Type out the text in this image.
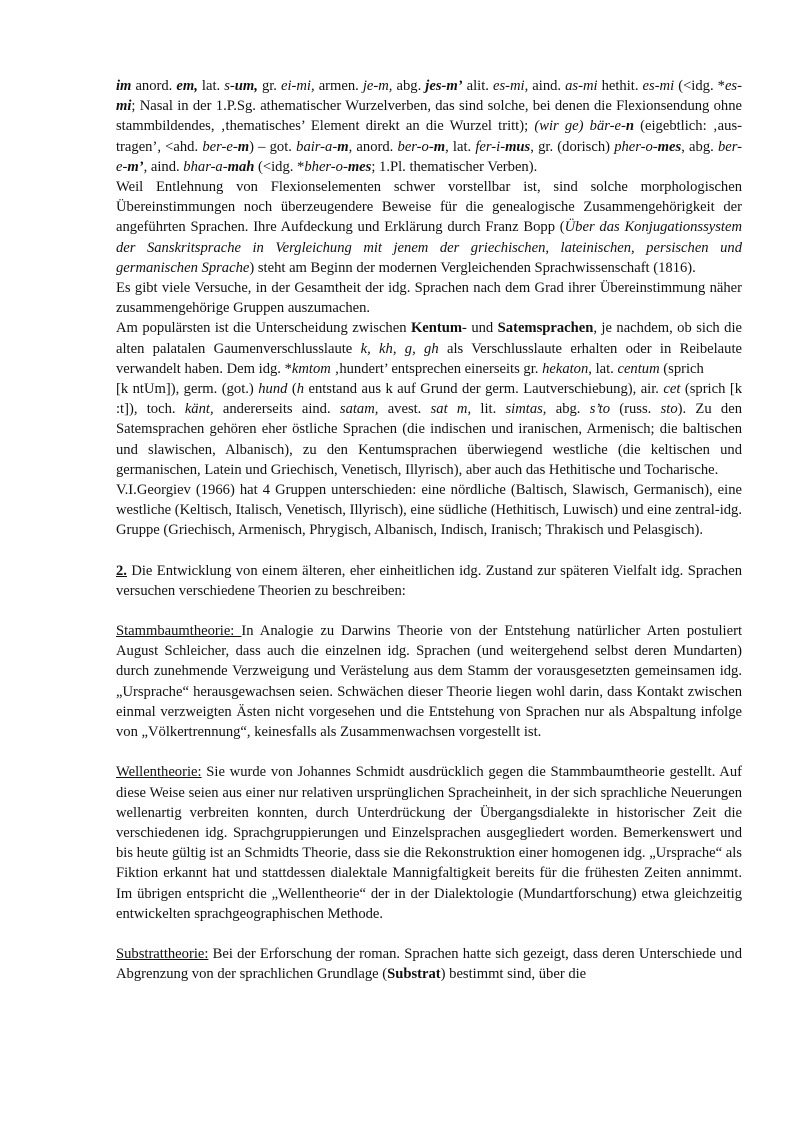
im anord. em, lat. s-um, gr. ei-mi, armen. je-m, abg. jes-m’ alit. es-mi, aind. as-mi hethit. es-mi (<idg. *es-mi; Nasal in der 1.P.Sg. athematischer Wurzelverben, das sind solche, bei denen die Flexionsendung ohne stammbildendes, ‚thematisches’ Element direkt an die Wurzel tritt); (wir ge) bär-e-n (eigebtlich: ‚aus-tragen’, <ahd. ber-e-m) – got. bair-a-m, anord. ber-o-m, lat. fer-i-mus, gr. (dorisch) pher-o-mes, abg. ber-e-m’, aind. bhar-a-mah (<idg. *bher-o-mes; 1.Pl. thematischer Verben).

Weil Entlehnung von Flexionselementen schwer vorstellbar ist, sind solche morphologischen Übereinstimmungen noch überzeugendere Beweise für die genealogische Zusammengehörigkeit der angeführten Sprachen. Ihre Aufdeckung und Erklärung durch Franz Bopp (Über das Konjugationssystem der Sanskritsprache in Vergleichung mit jenem der griechischen, lateinischen, persischen und germanischen Sprache) steht am Beginn der modernen Vergleichenden Sprachwissenschaft (1816).

Es gibt viele Versuche, in der Gesamtheit der idg. Sprachen nach dem Grad ihrer Übereinstimmung näher zusammengehörige Gruppen auszumachen.

Am populärsten ist die Unterscheidung zwischen Kentum- und Satemsprachen, je nachdem, ob sich die alten palatalen Gaumenverschlusslaute k, kh, g, gh als Verschlusslaute erhalten oder in Reibelaute verwandelt haben. Dem idg. *kmtom ‚hundert’ entsprechen einerseits gr. hekaton, lat. centum (sprich
[k ntUm]), germ. (got.) hund (h entstand aus k auf Grund der germ. Lautverschiebung), air. cet (sprich [k :t]), toch. känt, andererseits aind. satam, avest. sat m, lit. simtas, abg. s’to (russ. sto). Zu den Satemsprachen gehören eher östliche Sprachen (die indischen und iranischen, Armenisch; die baltischen und slawischen, Albanisch), zu den Kentumsprachen überwiegend westliche (die keltischen und germanischen, Latein und Griechisch, Venetisch, Illyrisch), aber auch das Hethitische und Tocharische.

V.I.Georgiev (1966) hat 4 Gruppen unterschieden: eine nördliche (Baltisch, Slawisch, Germanisch), eine westliche (Keltisch, Italisch, Venetisch, Illyrisch), eine südliche (Hethitisch, Luwisch) und eine zentral-idg. Gruppe (Griechisch, Armenisch, Phrygisch, Albanisch, Indisch, Iranisch; Thrakisch und Pelasgisch).

2. Die Entwicklung von einem älteren, eher einheitlichen idg. Zustand zur späteren Vielfalt idg. Sprachen versuchen verschiedene Theorien zu beschreiben:

Stammbaumtheorie: In Analogie zu Darwins Theorie von der Entstehung natürlicher Arten postuliert August Schleicher, dass auch die einzelnen idg. Sprachen (und weitergehend selbst deren Mundarten) durch zunehmende Verzweigung und Verästelung aus dem Stamm der vorausgesetzten gemeinsamen idg. „Ursprache“ herausgewachsen seien. Schwächen dieser Theorie liegen wohl darin, dass Kontakt zwischen einmal verzweigten Ästen nicht vorgesehen und die Entstehung von Sprachen nur als Abspaltung infolge von „Völkertrennung“, keinesfalls als Zusammenwachsen vorgestellt ist.

Wellentheorie: Sie wurde von Johannes Schmidt ausdrücklich gegen die Stammbaumtheorie gestellt. Auf diese Weise seien aus einer nur relativen ursprünglichen Spracheinheit, in der sich sprachliche Neuerungen wellenartig verbreiten konnten, durch Unterdrückung der Übergangsdialekte in historischer Zeit die verschiedenen idg. Sprachgruppierungen und Einzelsprachen ausgegliedert worden. Bemerkenswert und bis heute gültig ist an Schmidts Theorie, dass sie die Rekonstruktion einer homogenen idg. „Ursprache“ als Fiktion erkannt hat und stattdessen dialektale Mannigfaltigkeit bereits für die frühesten Zeiten annimmt. Im übrigen entspricht die „Wellentheorie“ der in der Dialektologie (Mundartforschung) etwa gleichzeitig entwickelten sprachgeographischen Methode.

Substrattheorie: Bei der Erforschung der roman. Sprachen hatte sich gezeigt, dass deren Unterschiede und Abgrenzung von der sprachlichen Grundlage (Substrat) bestimmt sind, über die
